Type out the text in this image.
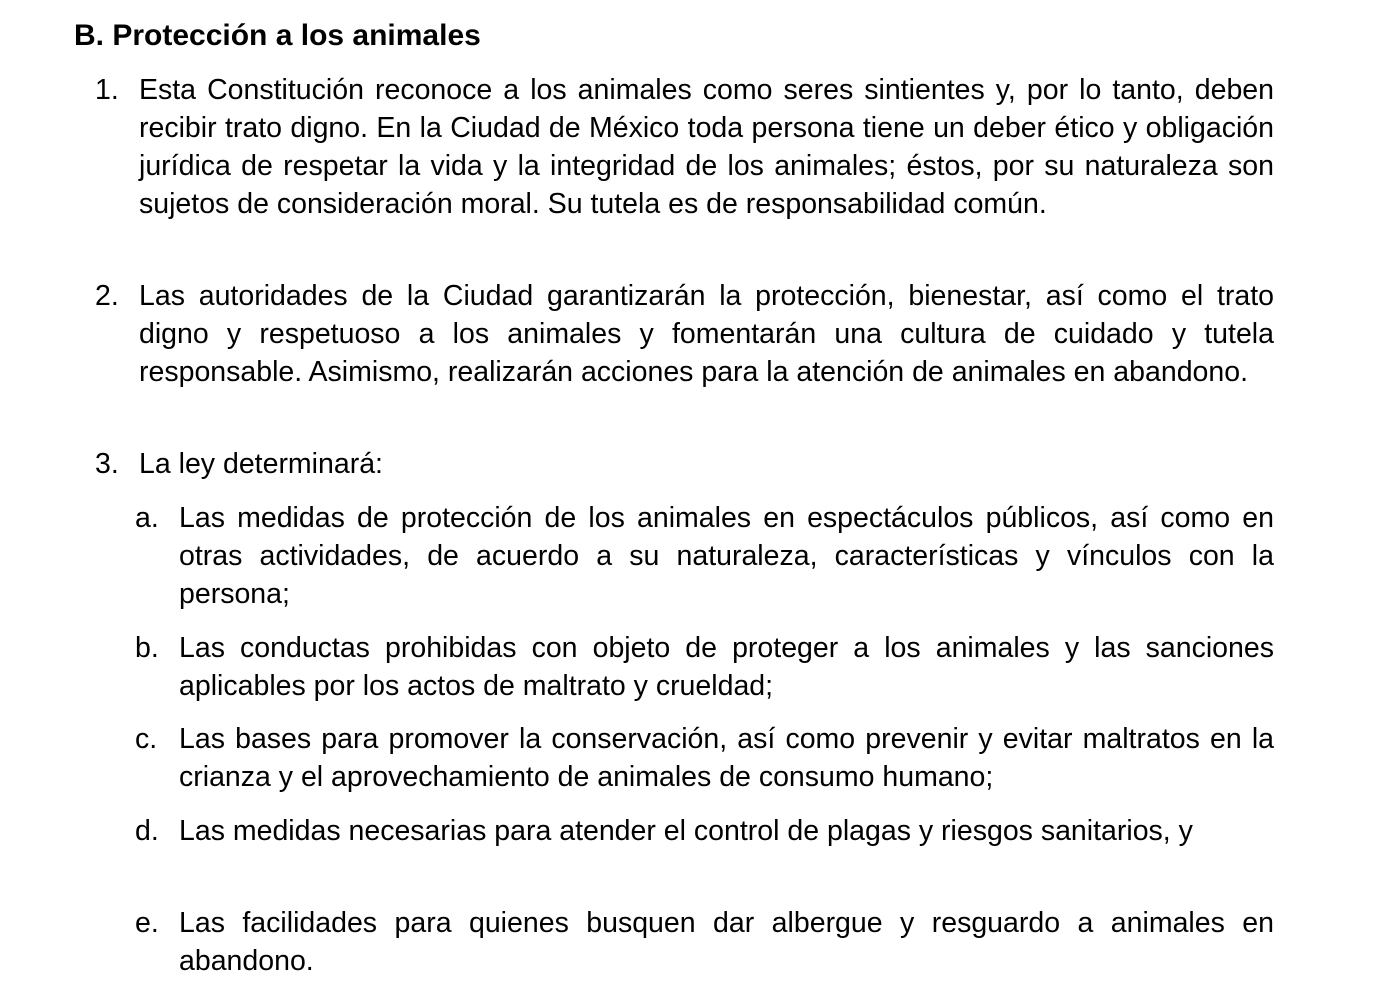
B. Protección a los animales
1. Esta Constitución reconoce a los animales como seres sintientes y, por lo tanto, deben recibir trato digno. En la Ciudad de México toda persona tiene un deber ético y obligación jurídica de respetar la vida y la integridad de los animales; éstos, por su naturaleza son sujetos de consideración moral. Su tutela es de responsabilidad común.
2. Las autoridades de la Ciudad garantizarán la protección, bienestar, así como el trato digno y respetuoso a los animales y fomentarán una cultura de cuidado y tutela responsable. Asimismo, realizarán acciones para la atención de animales en abandono.
3. La ley determinará:
a. Las medidas de protección de los animales en espectáculos públicos, así como en otras actividades, de acuerdo a su naturaleza, características y vínculos con la persona;
b. Las conductas prohibidas con objeto de proteger a los animales y las sanciones aplicables por los actos de maltrato y crueldad;
c. Las bases para promover la conservación, así como prevenir y evitar maltratos en la crianza y el aprovechamiento de animales de consumo humano;
d. Las medidas necesarias para atender el control de plagas y riesgos sanitarios, y
e. Las facilidades para quienes busquen dar albergue y resguardo a animales en abandono.
